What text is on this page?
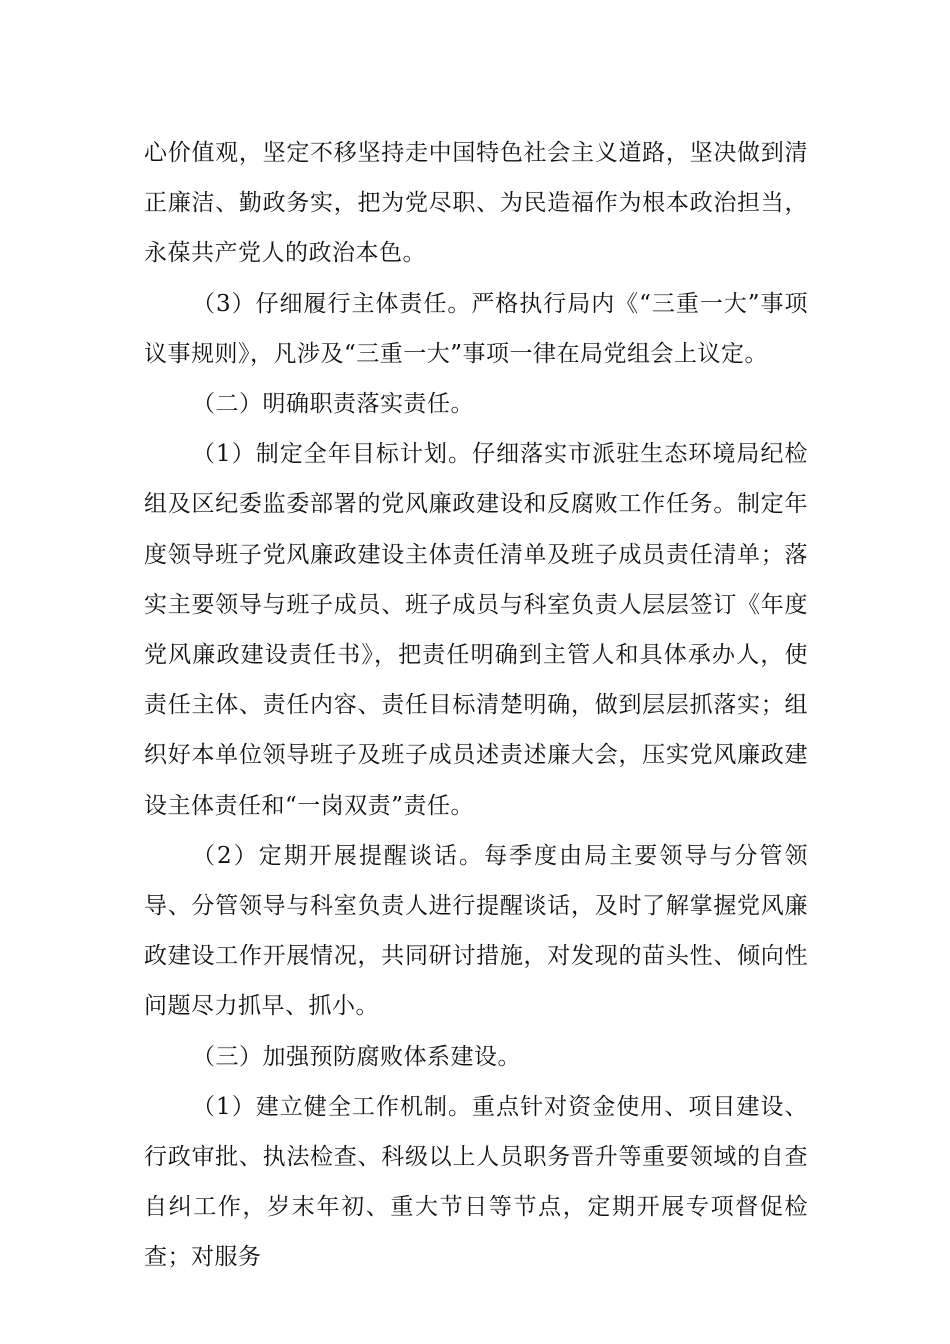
心价值观，坚定不移坚持走中国特色社会主义道路，坚决做到清正廉洁、勤政务实，把为党尽职、为民造福作为根本政治担当，永葆共产党人的政治本色。

（3）仔细履行主体责任。严格执行局内《“三重一大”事项议事规则》，凡涉及“三重一大”事项一律在局党组会上议定。

（二）明确职责落实责任。

（1）制定全年目标计划。仔细落实市派驻生态环境局纪检组及区纪委监委部署的党风廉政建设和反腐败工作任务。制定年度领导班子党风廉政建设主体责任清单及班子成员责任清单；落实主要领导与班子成员、班子成员与科室负责人层层签订《年度党风廉政建设责任书》，把责任明确到主管人和具体承办人，使责任主体、责任内容、责任目标清楚明确，做到层层抓落实；组织好本单位领导班子及班子成员述责述廉大会，压实党风廉政建设主体责任和“一岗双责”责任。

（2）定期开展提醒谈话。每季度由局主要领导与分管领导、分管领导与科室负责人进行提醒谈话，及时了解掌握党风廉政建设工作开展情况，共同研讨措施，对发现的苗头性、倾向性问题尽力抓早、抓小。

（三）加强预防腐败体系建设。

（1）建立健全工作机制。重点针对资金使用、项目建设、行政审批、执法检查、科级以上人员职务晋升等重要领域的自查自纠工作，岁末年初、重大节日等节点，定期开展专项督促检查；对服务
